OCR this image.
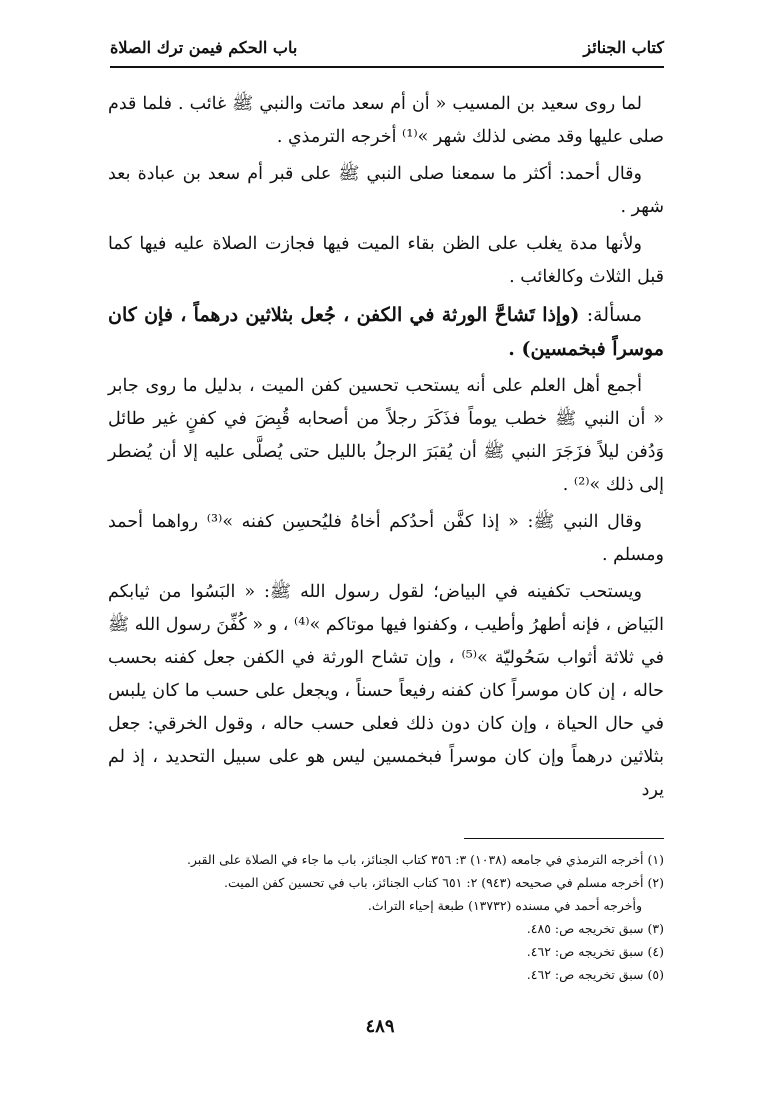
كتاب الجنائز
باب الحكم فيمن ترك الصلاة

لما روى سعيد بن المسيب « أن أم سعد ماتت والنبي ﷺ غائب . فلما قدم صلى عليها وقد مضى لذلك شهر »⁽¹⁾ أخرجه الترمذي .

وقال أحمد: أكثر ما سمعنا صلى النبي ﷺ على قبر أم سعد بن عبادة بعد شهر .

ولأنها مدة يغلب على الظن بقاء الميت فيها فجازت الصلاة عليه فيها كما قبل الثلاث وكالغائب .

مسألة: (وإذا تَشاحَّ الورثة في الكفن ، جُعل بثلاثين درهماً ، فإن كان موسراً فبخمسين) .

أجمع أهل العلم على أنه يستحب تحسين كفن الميت ، بدليل ما روى جابر « أن النبي ﷺ خطب يوماً فذَكَرَ رجلاً من أصحابه قُبِضَ في كفنٍ غير طائل وَدُفن ليلاً فزَجَرَ النبي ﷺ أن يُقبَرَ الرجلُ بالليل حتى يُصلَّى عليه إلا أن يُضطر إلى ذلك »⁽²⁾ .

وقال النبي ﷺ: « إذا كفَّن أحدُكم أخاهُ فليُحسِن كفنه »⁽³⁾ رواهما أحمد ومسلم .

ويستحب تكفينه في البياض؛ لقول رسول الله ﷺ: « البَسُوا من ثيابكم البَياض ، فإنه أطهرُ وأطيب ، وكفنوا فيها موتاكم »⁽⁴⁾ ، و « كُفِّنَ رسول الله ﷺ في ثلاثة أثواب سَحُوليّة »⁽⁵⁾ ، وإن تشاح الورثة في الكفن جعل كفنه بحسب حاله ، إن كان موسراً كان كفنه رفيعاً حسناً ، ويجعل على حسب ما كان يلبس في حال الحياة ، وإن كان دون ذلك فعلى حسب حاله ، وقول الخرقي: جعل بثلاثين درهماً وإن كان موسراً فبخمسين ليس هو على سبيل التحديد ، إذ لم يرد

(١) أخرجه الترمذي في جامعه (١٠٣٨) ٣: ٣٥٦ كتاب الجنائز، باب ما جاء في الصلاة على القبر.

(٢) أخرجه مسلم في صحيحه (٩٤٣) ٢: ٦٥١ كتاب الجنائز، باب في تحسين كفن الميت.

وأخرجه أحمد في مسنده (١٣٧٣٢) طبعة إحياء التراث.

(٣) سبق تخريجه ص: ٤٨٥.

(٤) سبق تخريجه ص: ٤٦٢.

(٥) سبق تخريجه ص: ٤٦٢.

٤٨٩
